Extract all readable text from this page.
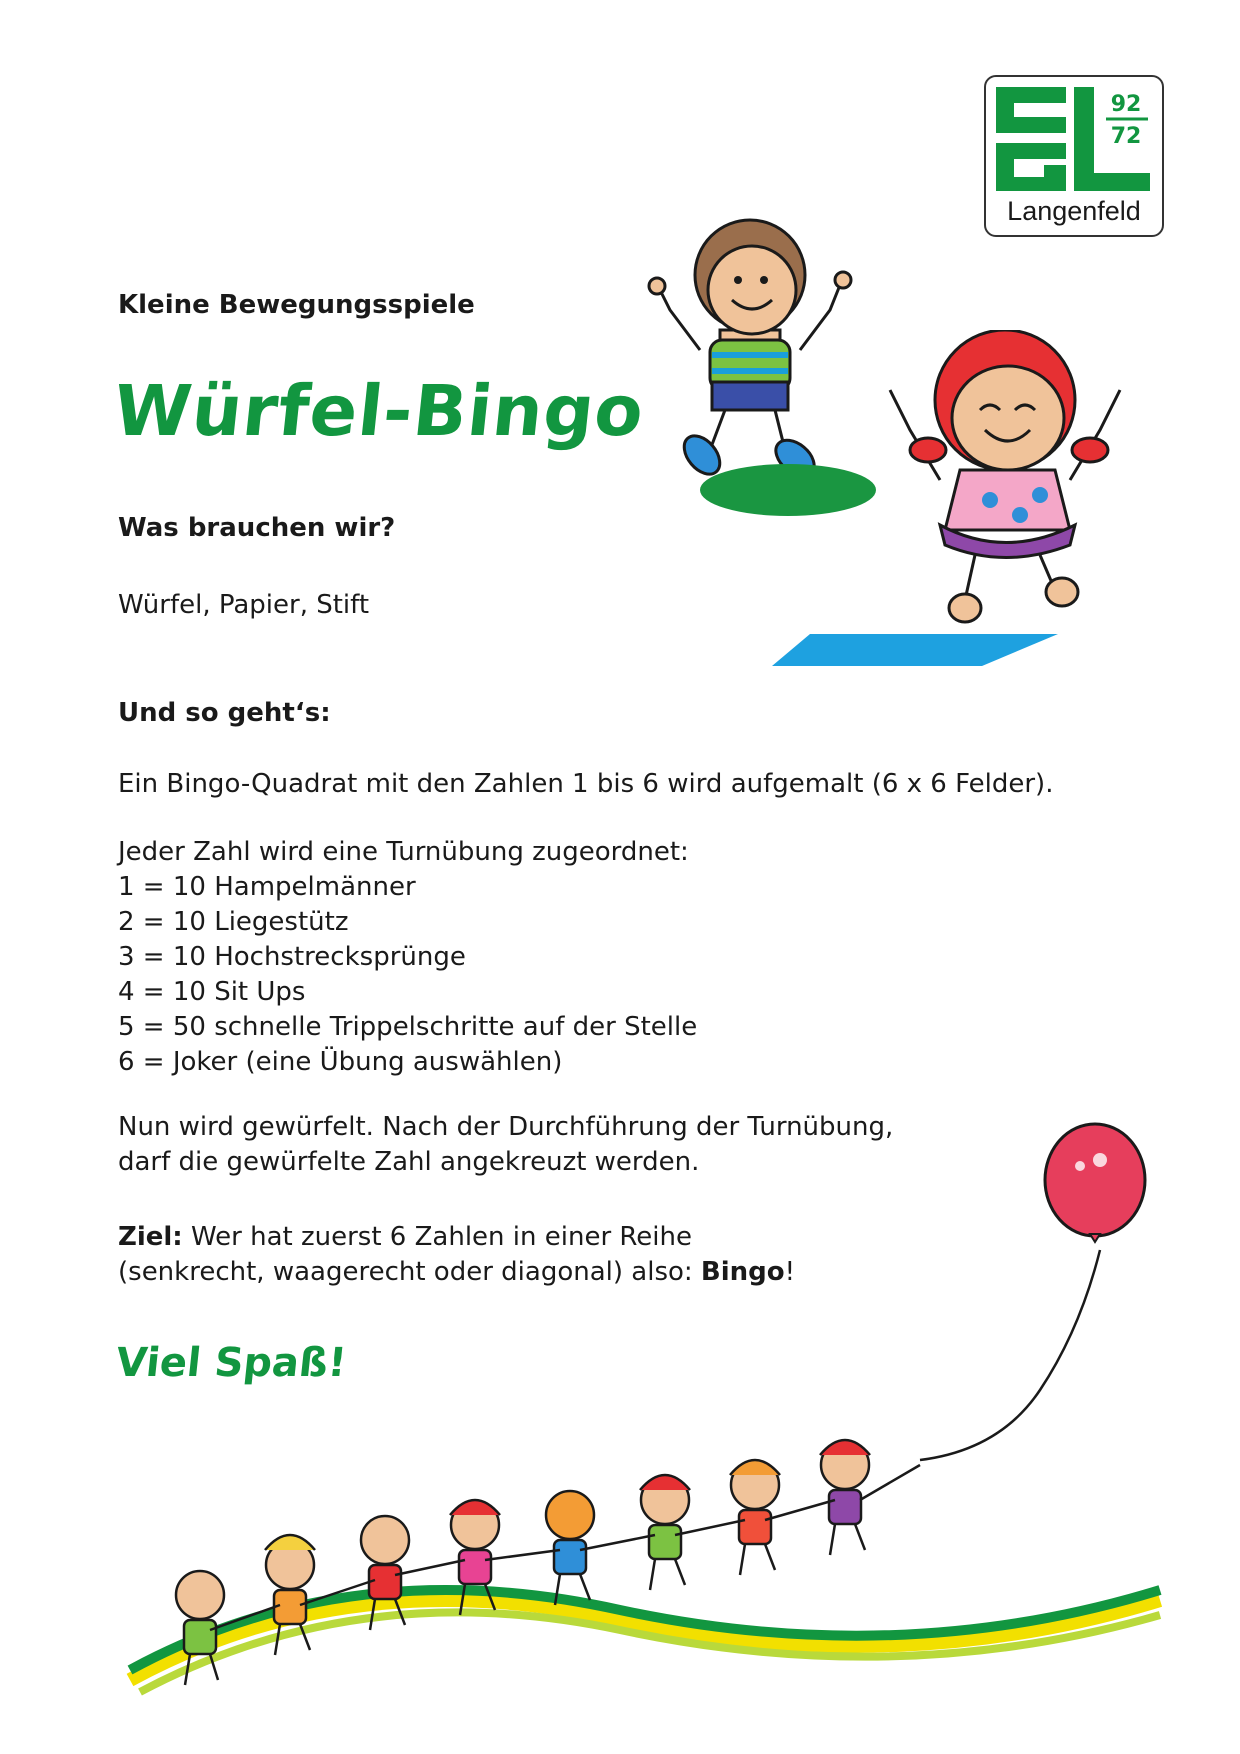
92
72
Langenfeld
Kleine Bewegungsspiele
Würfel-Bingo
Was brauchen wir?
Würfel, Papier, Stift
Und so geht‘s:
Ein Bingo-Quadrat mit den Zahlen 1 bis 6 wird aufgemalt (6 x 6 Felder).
Jeder Zahl wird eine Turnübung zugeordnet:
1 = 10 Hampelmänner
2 = 10 Liegestütz
3 = 10 Hochstrecksprünge
4 = 10 Sit Ups
5 = 50 schnelle Trippelschritte auf der Stelle
6 = Joker (eine Übung auswählen)
Nun wird gewürfelt. Nach der Durchführung der Turnübung,
darf die gewürfelte Zahl angekreuzt werden.
Ziel: Wer hat zuerst 6 Zahlen in einer Reihe
(senkrecht, waagerecht oder diagonal) also: Bingo!
Viel Spaß!
